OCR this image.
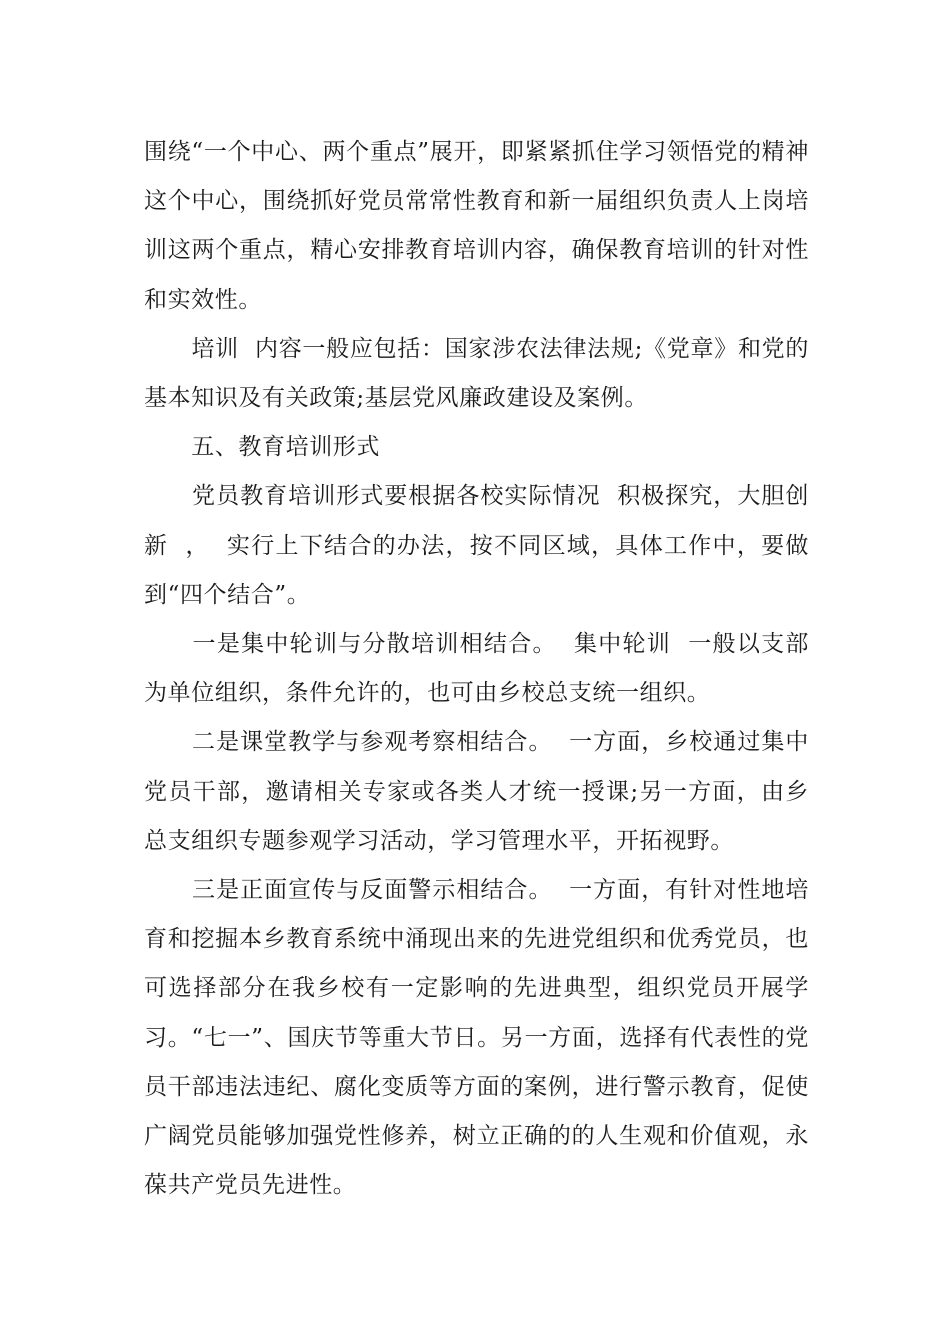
围绕“一个中心、两个重点”展开，即紧紧抓住学习领悟党的精神这个中心，围绕抓好党员常常性教育和新一届组织负责人上岗培训这两个重点，精心安排教育培训内容，确保教育培训的针对性和实效性。

　　培训  内容一般应包括：国家涉农法律法规;《党章》和党的基本知识及有关政策;基层党风廉政建设及案例。

　　五、教育培训形式

　　党员教育培训形式要根据各校实际情况  积极探究，大胆创新  ，  实行上下结合的办法，按不同区域，具体工作中，要做到“四个结合”。

　　一是集中轮训与分散培训相结合。  集中轮训  一般以支部为单位组织，条件允许的，也可由乡校总支统一组织。

　　二是课堂教学与参观考察相结合。  一方面，乡校通过集中党员干部，邀请相关专家或各类人才统一授课;另一方面，由乡总支组织专题参观学习活动，学习管理水平，开拓视野。

　　三是正面宣传与反面警示相结合。  一方面，有针对性地培育和挖掘本乡教育系统中涌现出来的先进党组织和优秀党员，也可选择部分在我乡校有一定影响的先进典型，组织党员开展学习。“七一”、国庆节等重大节日。另一方面，选择有代表性的党员干部违法违纪、腐化变质等方面的案例，进行警示教育，促使广阔党员能够加强党性修养，树立正确的的人生观和价值观，永葆共产党员先进性。
